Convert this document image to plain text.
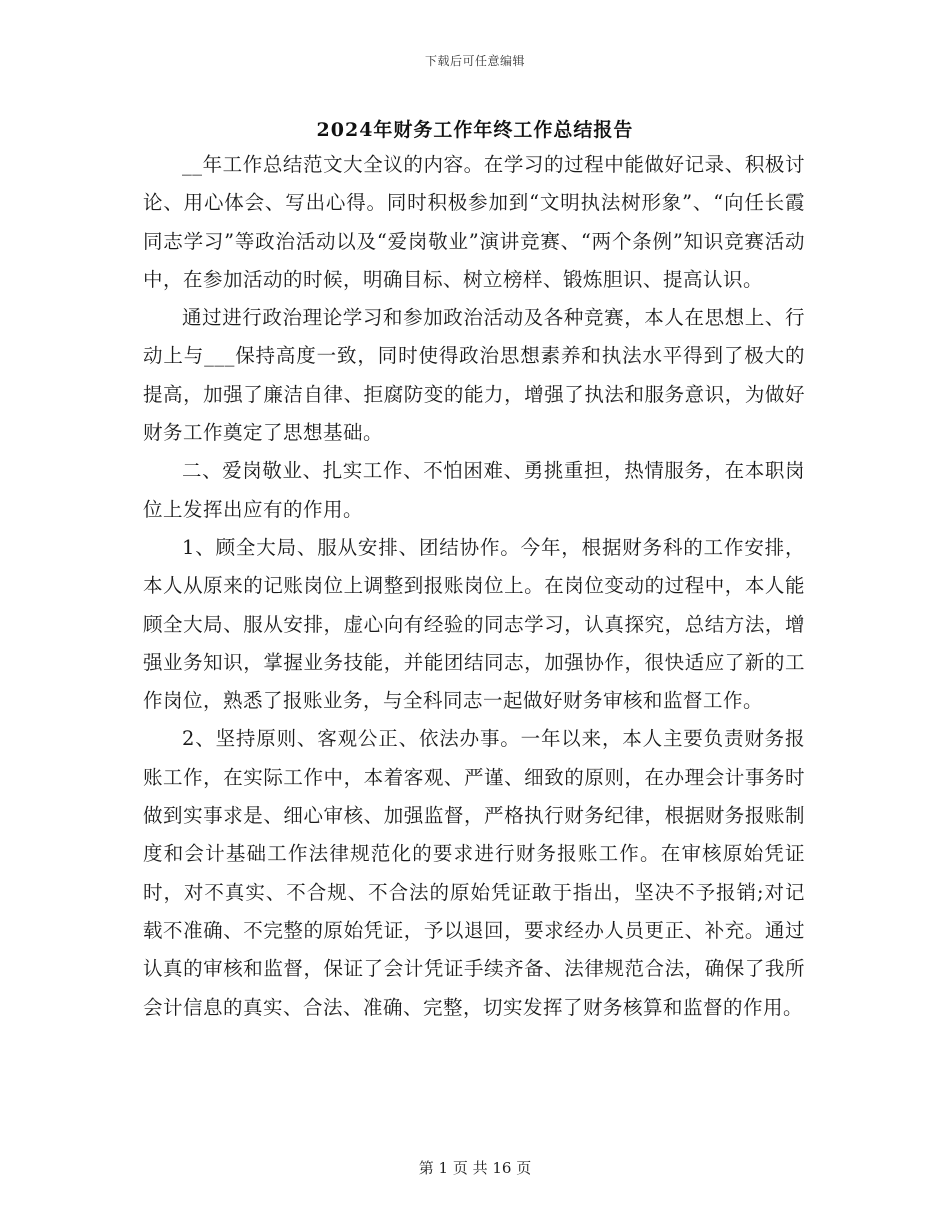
下载后可任意编辑
2024年财务工作年终工作总结报告

__年工作总结范文大全议的内容。在学习的过程中能做好记录、积极讨论、用心体会、写出心得。同时积极参加到“文明执法树形象”、“向任长霞同志学习”等政治活动以及“爱岗敬业”演讲竞赛、“两个条例”知识竞赛活动中，在参加活动的时候，明确目标、树立榜样、锻炼胆识、提高认识。

通过进行政治理论学习和参加政治活动及各种竞赛，本人在思想上、行动上与___保持高度一致，同时使得政治思想素养和执法水平得到了极大的提高，加强了廉洁自律、拒腐防变的能力，增强了执法和服务意识，为做好财务工作奠定了思想基础。

二、爱岗敬业、扎实工作、不怕困难、勇挑重担，热情服务，在本职岗位上发挥出应有的作用。

1、顾全大局、服从安排、团结协作。今年，根据财务科的工作安排，本人从原来的记账岗位上调整到报账岗位上。在岗位变动的过程中，本人能顾全大局、服从安排，虚心向有经验的同志学习，认真探究，总结方法，增强业务知识，掌握业务技能，并能团结同志，加强协作，很快适应了新的工作岗位，熟悉了报账业务，与全科同志一起做好财务审核和监督工作。

2、坚持原则、客观公正、依法办事。一年以来，本人主要负责财务报账工作，在实际工作中，本着客观、严谨、细致的原则，在办理会计事务时做到实事求是、细心审核、加强监督，严格执行财务纪律，根据财务报账制度和会计基础工作法律规范化的要求进行财务报账工作。在审核原始凭证时，对不真实、不合规、不合法的原始凭证敢于指出，坚决不予报销;对记载不准确、不完整的原始凭证，予以退回，要求经办人员更正、补充。通过认真的审核和监督，保证了会计凭证手续齐备、法律规范合法，确保了我所会计信息的真实、合法、准确、完整，切实发挥了财务核算和监督的作用。

第 1 页 共 16 页
